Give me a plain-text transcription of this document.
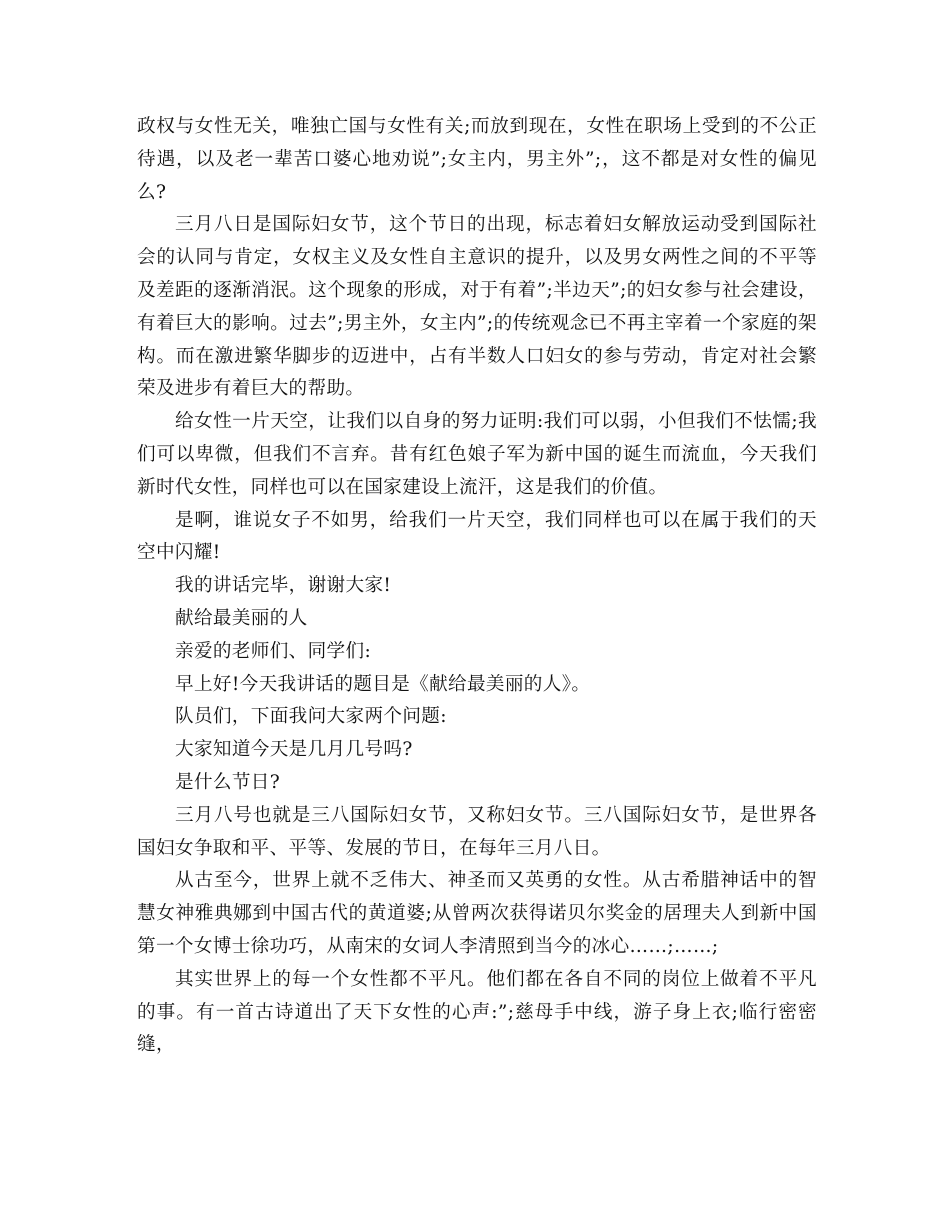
政权与女性无关，唯独亡国与女性有关;而放到现在，女性在职场上受到的不公正待遇，以及老一辈苦口婆心地劝说”;女主内，男主外”;，这不都是对女性的偏见么?

三月八日是国际妇女节，这个节日的出现，标志着妇女解放运动受到国际社会的认同与肯定，女权主义及女性自主意识的提升，以及男女两性之间的不平等及差距的逐渐消泯。这个现象的形成，对于有着”;半边天”;的妇女参与社会建设，有着巨大的影响。过去”;男主外，女主内”;的传统观念已不再主宰着一个家庭的架构。而在激进繁华脚步的迈进中，占有半数人口妇女的参与劳动，肯定对社会繁荣及进步有着巨大的帮助。

给女性一片天空，让我们以自身的努力证明:我们可以弱，小但我们不怯懦;我们可以卑微，但我们不言弃。昔有红色娘子军为新中国的诞生而流血，今天我们新时代女性，同样也可以在国家建设上流汗，这是我们的价值。

是啊，谁说女子不如男，给我们一片天空，我们同样也可以在属于我们的天空中闪耀!

我的讲话完毕，谢谢大家!

献给最美丽的人

亲爱的老师们、同学们:

早上好!今天我讲话的题目是《献给最美丽的人》。

队员们，下面我问大家两个问题:

大家知道今天是几月几号吗?

是什么节日?

三月八号也就是三八国际妇女节，又称妇女节。三八国际妇女节，是世界各国妇女争取和平、平等、发展的节日，在每年三月八日。

从古至今，世界上就不乏伟大、神圣而又英勇的女性。从古希腊神话中的智慧女神雅典娜到中国古代的黄道婆;从曾两次获得诺贝尔奖金的居理夫人到新中国第一个女博士徐功巧，从南宋的女词人李清照到当今的冰心……;……;

其实世界上的每一个女性都不平凡。他们都在各自不同的岗位上做着不平凡的事。有一首古诗道出了天下女性的心声:”;慈母手中线，游子身上衣;临行密密缝，
